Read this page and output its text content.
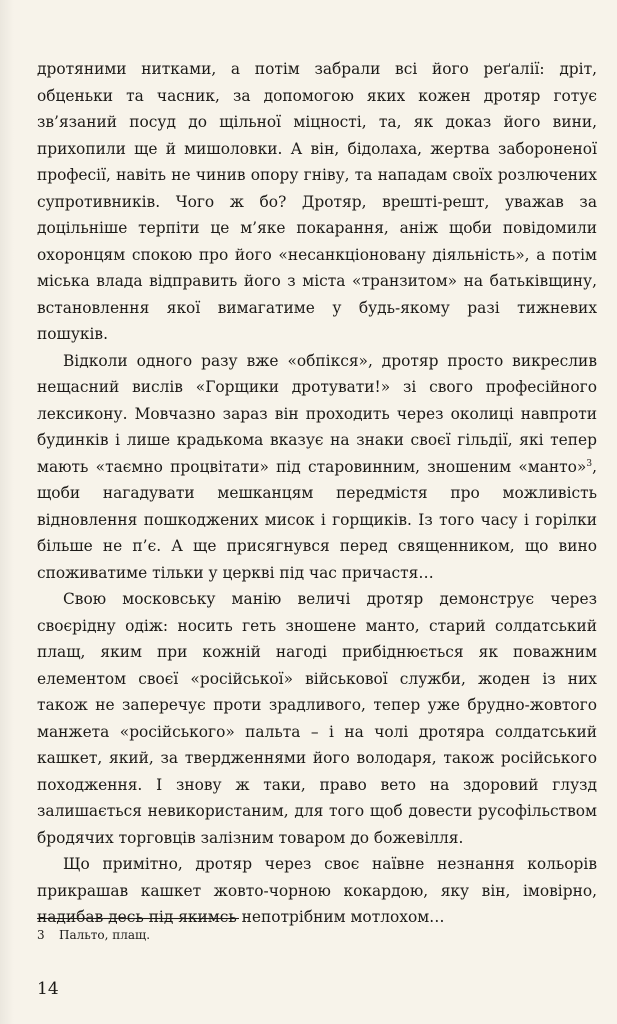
дротяними нитками, а потім забрали всі його реґалії: дріт, обценьки та часник, за допомогою яких кожен дротяр готує зв’язаний посуд до щільної міцності, та, як доказ його вини, прихопили ще й мишоловки. А він, бідолаха, жертва забороненої професії, навіть не чинив опору гніву, та нападам своїх розлючених супротивників. Чого ж бо? Дротяр, врешті-решт, уважав за доцільніше терпіти це м’яке покарання, аніж щоби повідомили охоронцям спокою про його «несанкціоновану діяльність», а потім міська влада відправить його з міста «транзитом» на батьківщину, встановлення якої вимагатиме у будь-якому разі тижневих пошуків.

Відколи одного разу вже «обпікся», дротяр просто викреслив нещасний вислів «Горщики дротувати!» зі свого професійного лексикону. Мовчазно зараз він проходить через околиці навпроти будинків і лише крадькома вказує на знаки своєї гільдії, які тепер мають «таємно процвітати» під старовинним, зношеним «манто»$^3$, щоби нагадувати мешканцям передмістя про можливість відновлення пошкоджених мисок і горщиків. Із того часу і горілки більше не п’є. А ще присягнувся перед священником, що вино споживатиме тільки у церкві під час причастя…

Свою московську манію величі дротяр демонструє через своєрідну одіж: носить геть зношене манто, старий солдатський плащ, яким при кожній нагоді прибіднюється як поважним елементом своєї «російської» військової служби, жоден із них також не заперечує проти зрадливого, тепер уже брудно-жовтого манжета «російського» пальта – і на чолі дротяра солдатський кашкет, який, за твердженнями його володаря, також російського походження. І знову ж таки, право вето на здоровий глузд залишається невикористаним, для того щоб довести русофільством бродячих торговців залізним товаром до божевілля.

Що примітно, дротяр через своє наївне незнання кольорів прикрашав кашкет жовто-чорною кокардою, яку він, імовірно, надибав десь під якимсь непотрібним мотлохом…

3 Пальто, плащ.
14
